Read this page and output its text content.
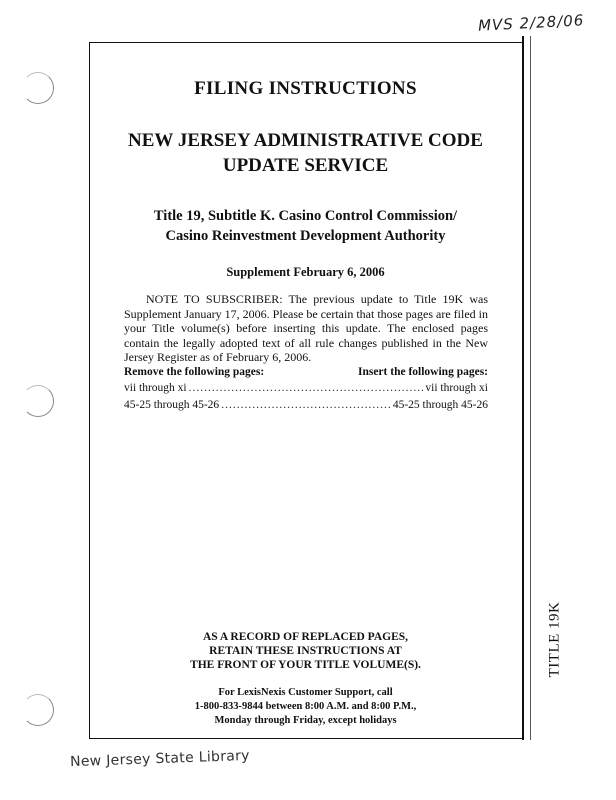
MVS 2/28/06
TITLE 19K
FILING INSTRUCTIONS
NEW JERSEY ADMINISTRATIVE CODE
UPDATE SERVICE
Title 19, Subtitle K. Casino Control Commission/
Casino Reinvestment Development Authority
Supplement February 6, 2006
NOTE TO SUBSCRIBER: The previous update to Title 19K was Supplement January 17, 2006. Please be certain that those pages are filed in your Title volume(s) before inserting this update. The enclosed pages contain the legally adopted text of all rule changes published in the New Jersey Register as of February 6, 2006.
Remove the following pages:	Insert the following pages:
vii through xi .....	vii through xi
45-25 through 45-26 .....	45-25 through 45-26
AS A RECORD OF REPLACED PAGES,
RETAIN THESE INSTRUCTIONS AT
THE FRONT OF YOUR TITLE VOLUME(S).
For LexisNexis Customer Support, call
1-800-833-9844 between 8:00 A.M. and 8:00 P.M.,
Monday through Friday, except holidays
New Jersey State Library
